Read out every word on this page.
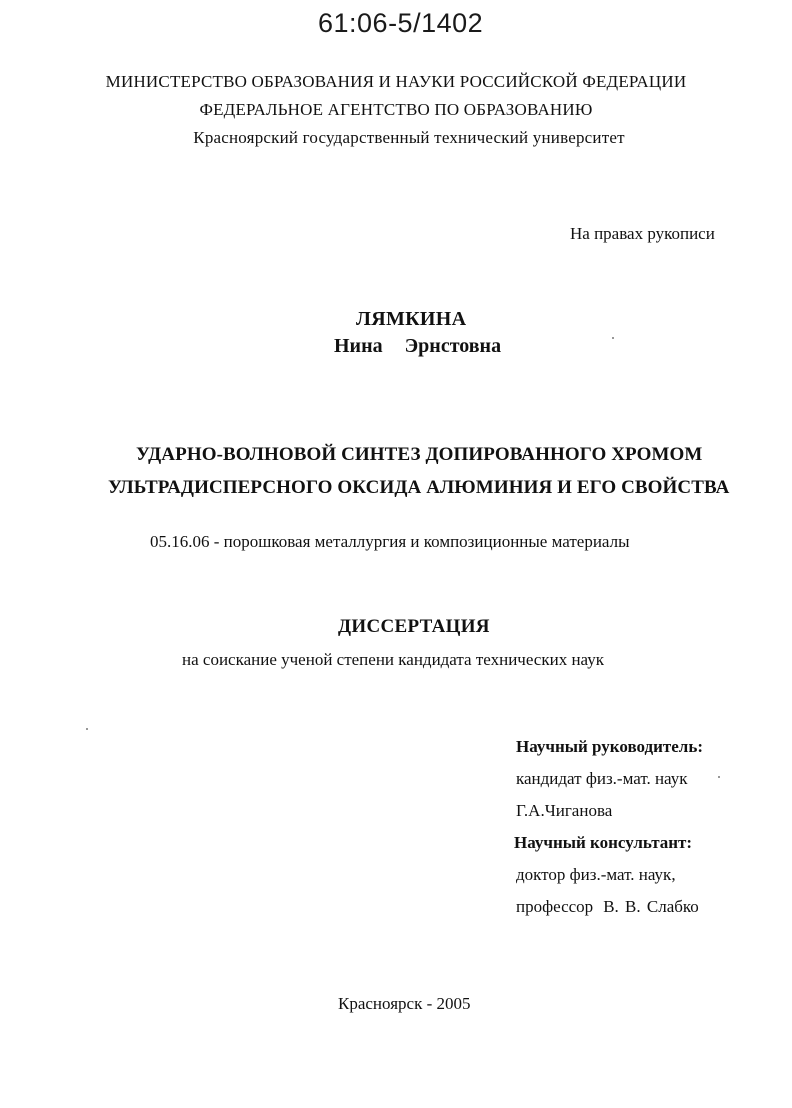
61:06-5/1402
МИНИСТЕРСТВО ОБРАЗОВАНИЯ И НАУКИ РОССИЙСКОЙ ФЕДЕРАЦИИ
ФЕДЕРАЛЬНОЕ АГЕНТСТВО ПО ОБРАЗОВАНИЮ
Красноярский государственный технический университет
На правах рукописи
ЛЯМКИНА
Нина  Эрнстовна
УДАРНО-ВОЛНОВОЙ СИНТЕЗ ДОПИРОВАННОГО ХРОМОМ
УЛЬТРАДИСПЕРСНОГО ОКСИДА АЛЮМИНИЯ И ЕГО СВОЙСТВА
05.16.06 - порошковая металлургия и композиционные материалы
ДИССЕРТАЦИЯ
на соискание ученой степени кандидата технических наук
Научный руководитель:
кандидат физ.-мат. наук
Г.А.Чиганова
Научный консультант:
доктор физ.-мат. наук,
профессор В. В. Слабко
Красноярск - 2005
